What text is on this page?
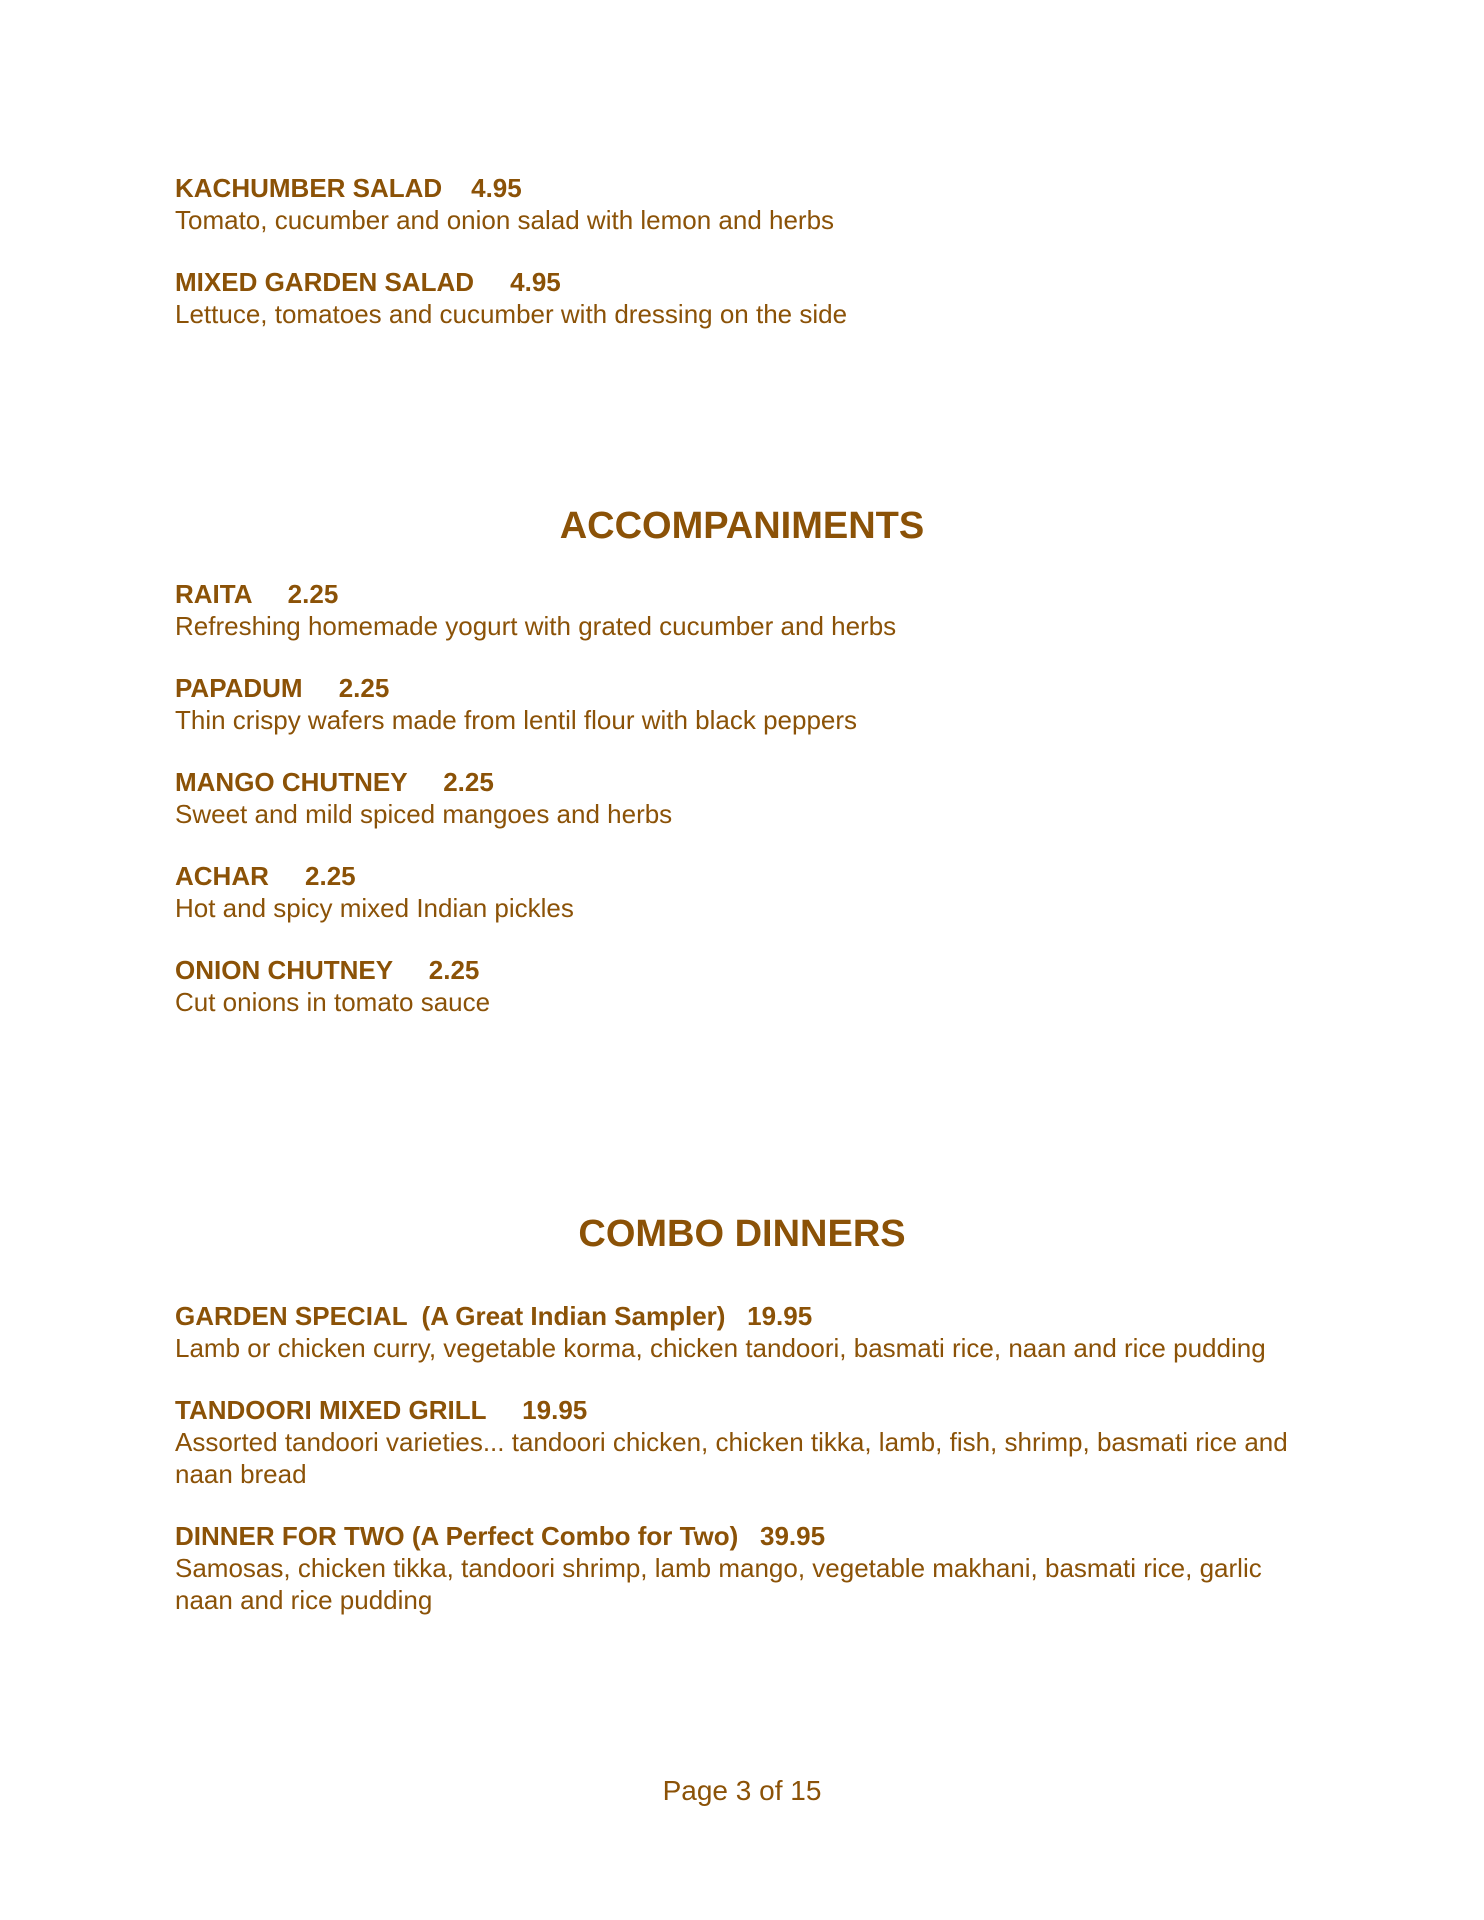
KACHUMBER SALAD 4.95
Tomato, cucumber and onion salad with lemon and herbs
MIXED GARDEN SALAD 4.95
Lettuce, tomatoes and cucumber with dressing on the side
ACCOMPANIMENTS
RAITA 2.25
Refreshing homemade yogurt with grated cucumber and herbs
PAPADUM 2.25
Thin crispy wafers made from lentil flour with black peppers
MANGO CHUTNEY 2.25
Sweet and mild spiced mangoes and herbs
ACHAR 2.25
Hot and spicy mixed Indian pickles
ONION CHUTNEY 2.25
Cut onions in tomato sauce
COMBO DINNERS
GARDEN SPECIAL  (A Great Indian Sampler) 19.95
Lamb or chicken curry, vegetable korma, chicken tandoori, basmati rice, naan and rice pudding
TANDOORI MIXED GRILL 19.95
Assorted tandoori varieties... tandoori chicken, chicken tikka, lamb, fish, shrimp, basmati rice and naan bread
DINNER FOR TWO (A Perfect Combo for Two) 39.95
Samosas, chicken tikka, tandoori shrimp, lamb mango, vegetable makhani, basmati rice, garlic naan and rice pudding
Page 3 of 15
